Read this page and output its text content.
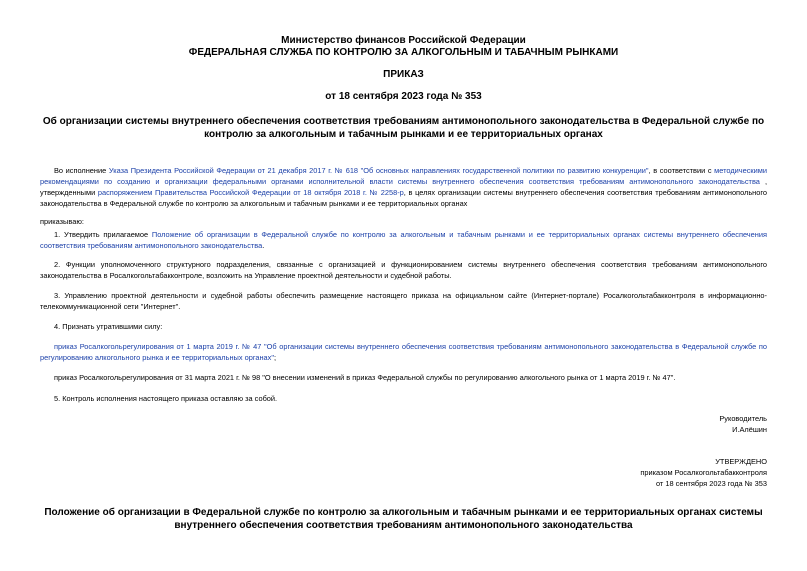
Министерство финансов Российской Федерации
ФЕДЕРАЛЬНАЯ СЛУЖБА ПО КОНТРОЛЮ ЗА АЛКОГОЛЬНЫМ И ТАБАЧНЫМ РЫНКАМИ
ПРИКАЗ
от 18 сентября 2023 года № 353
Об организации системы внутреннего обеспечения соответствия требованиям антимонопольного законодательства в Федеральной службе по контролю за алкогольным и табачным рынками и ее территориальных органах
Во исполнение Указа Президента Российской Федерации от 21 декабря 2017 г. № 618 "Об основных направлениях государственной политики по развитию конкуренции", в соответствии с методическими рекомендациями по созданию и организации федеральными органами исполнительной власти системы внутреннего обеспечения соответствия требованиям антимонопольного законодательства , утвержденными распоряжением Правительства Российской Федерации от 18 октября 2018 г. № 2258-р, в целях организации системы внутреннего обеспечения соответствия требованиям антимонопольного законодательства в Федеральной службе по контролю за алкогольным и табачным рынками и ее территориальных органах
приказываю:
1. Утвердить прилагаемое Положение об организации в Федеральной службе по контролю за алкогольным и табачным рынками и ее территориальных органах системы внутреннего обеспечения соответствия требованиям антимонопольного законодательства.
2. Функции уполномоченного структурного подразделения, связанные с организацией и функционированием системы внутреннего обеспечения соответствия требованиям антимонопольного законодательства в Росалкогольтабакконтроле, возложить на Управление проектной деятельности и судебной работы.
3. Управлению проектной деятельности и судебной работы обеспечить размещение настоящего приказа на официальном сайте (Интернет-портале) Росалкогольтабакконтроля в информационно-телекоммуникационной сети "Интернет".
4. Признать утратившими силу:
приказ Росалкогольрегулирования от 1 марта 2019 г. № 47 "Об организации системы внутреннего обеспечения соответствия требованиям антимонопольного законодательства в Федеральной службе по регулированию алкогольного рынка и ее территориальных органах";
приказ Росалкогольрегулирования от 31 марта 2021 г. № 98 "О внесении изменений в приказ Федеральной службы по регулированию алкогольного рынка от 1 марта 2019 г. № 47".
5. Контроль исполнения настоящего приказа оставляю за собой.
Руководитель
И.Алёшин
УТВЕРЖДЕНО
приказом Росалкогольтабакконтроля
от 18 сентября 2023 года № 353
Положение об организации в Федеральной службе по контролю за алкогольным и табачным рынками и ее территориальных органах системы внутреннего обеспечения соответствия требованиям антимонопольного законодательства
